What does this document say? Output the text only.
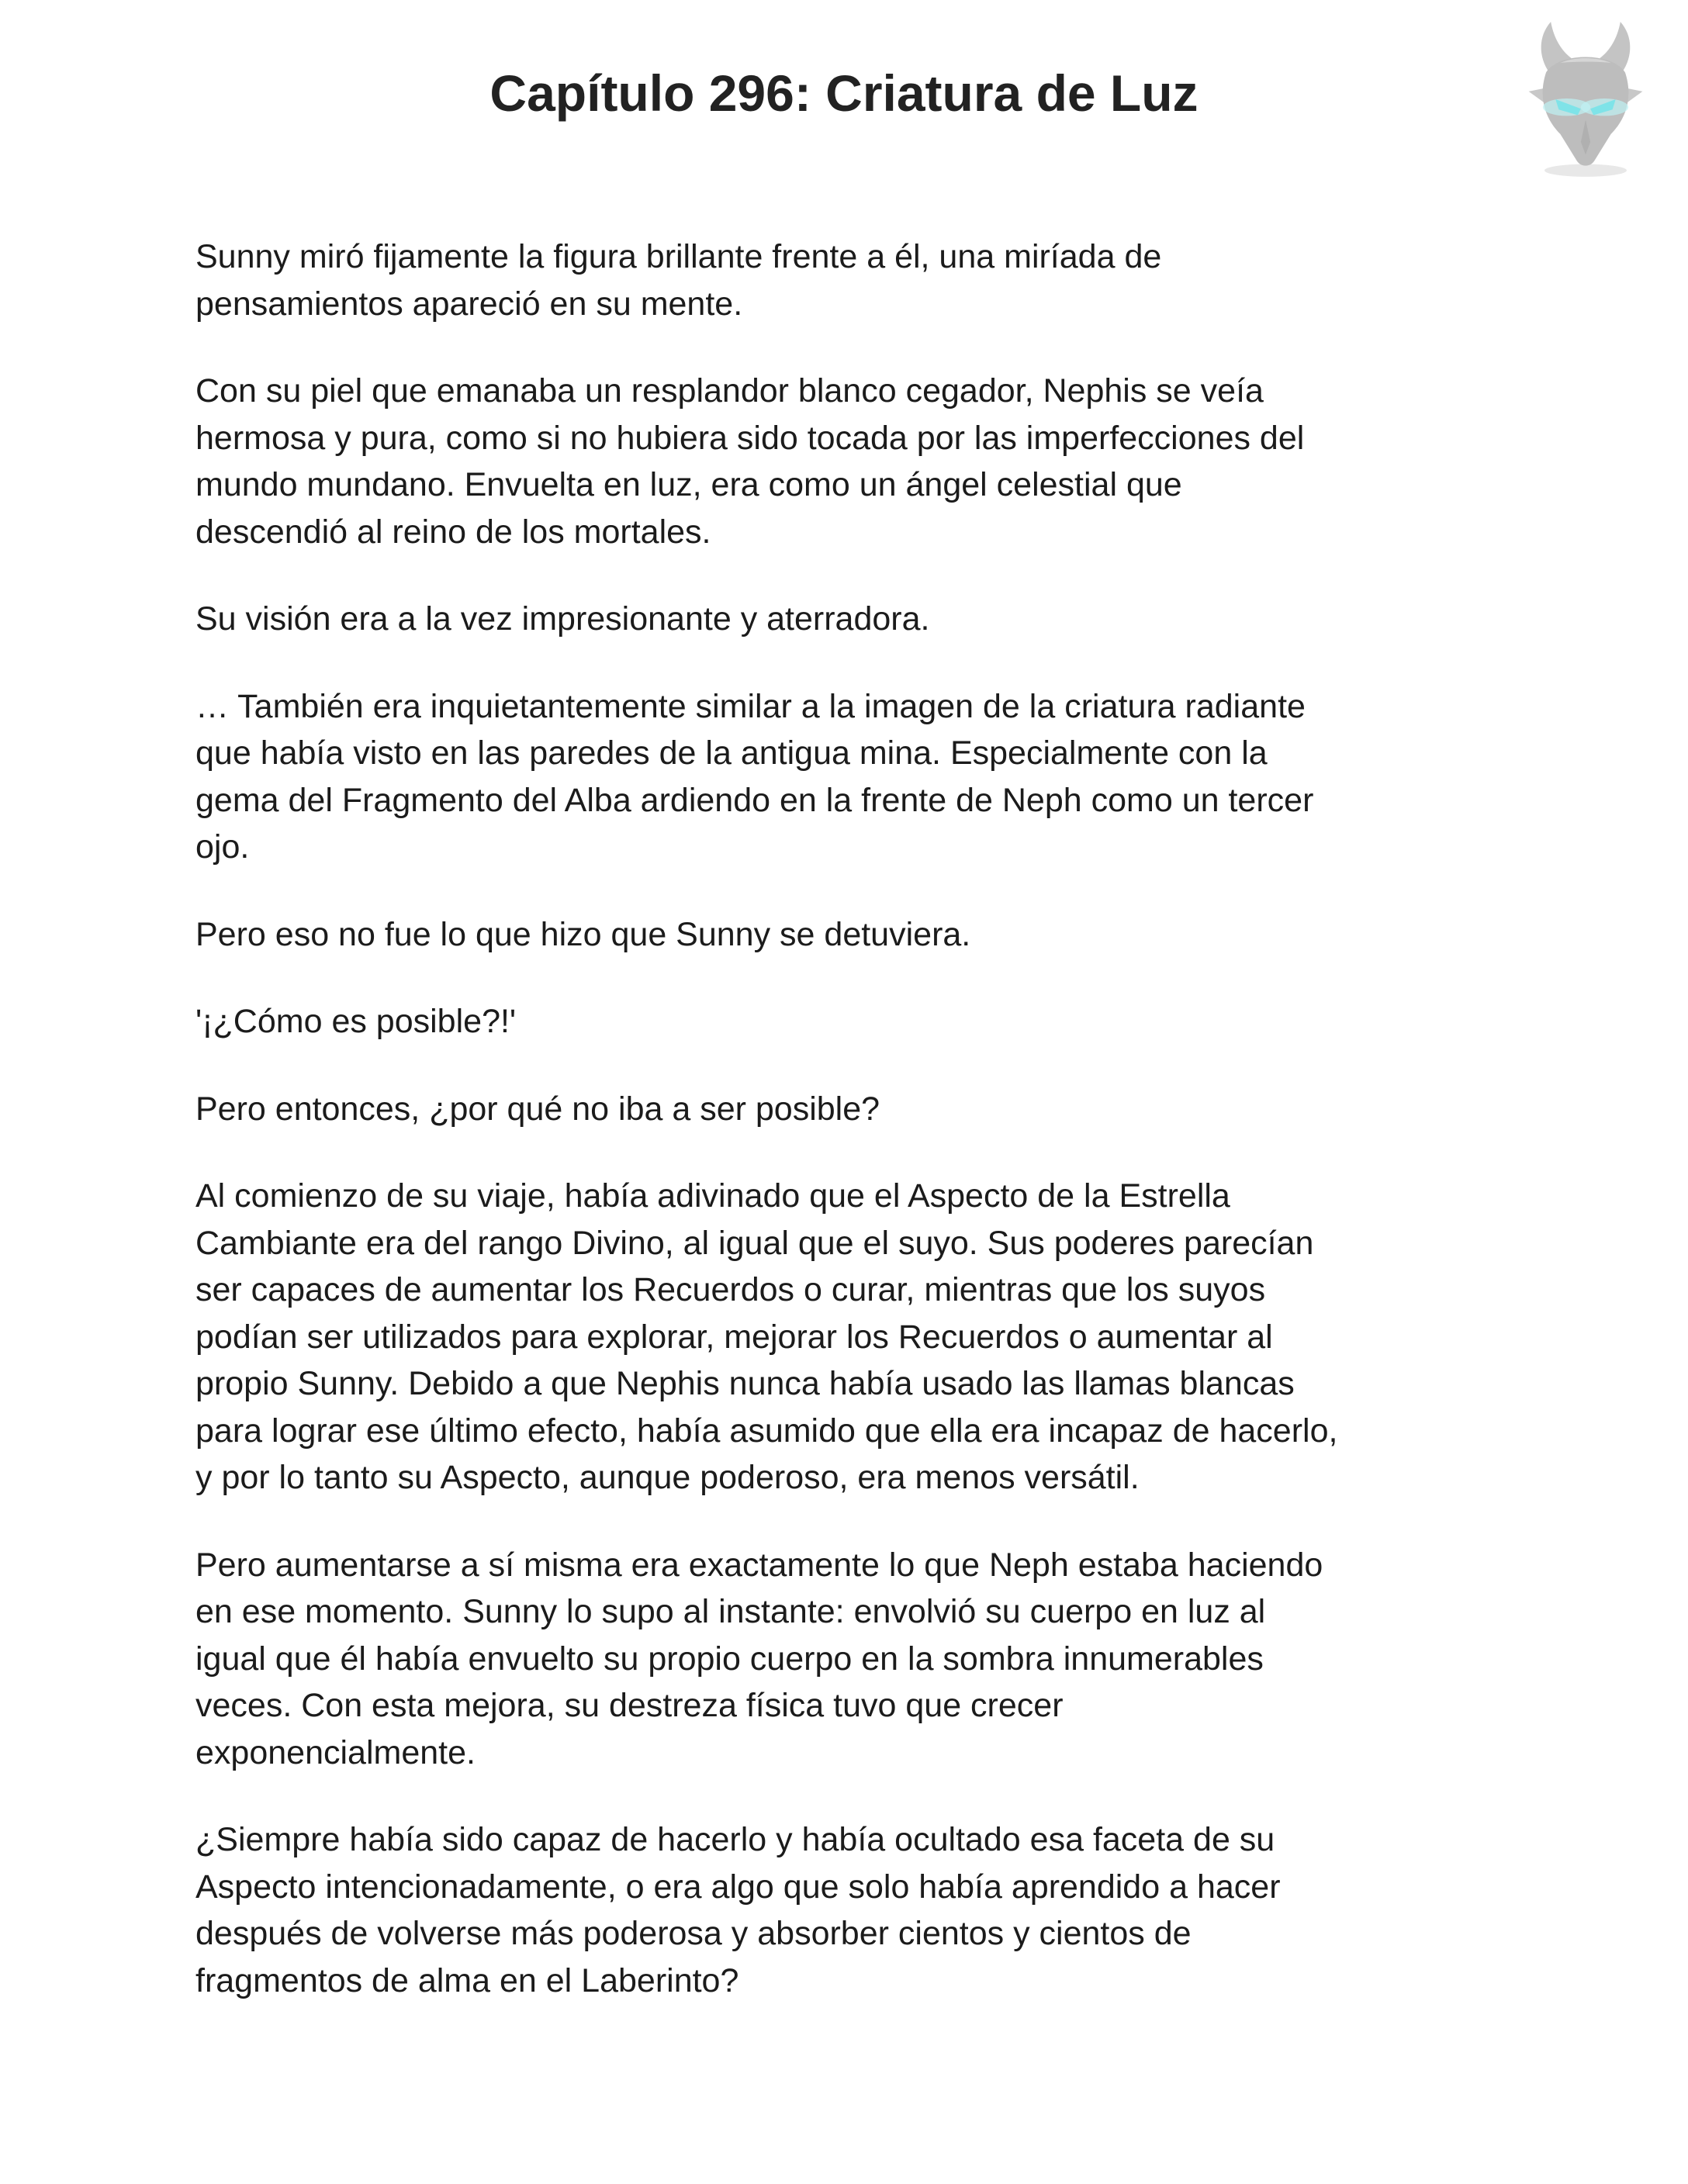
Capítulo 296: Criatura de Luz

Sunny miró fijamente la figura brillante frente a él, una miríada de
pensamientos apareció en su mente.

Con su piel que emanaba un resplandor blanco cegador, Nephis se veía
hermosa y pura, como si no hubiera sido tocada por las imperfecciones del
mundo mundano. Envuelta en luz, era como un ángel celestial que
descendió al reino de los mortales.

Su visión era a la vez impresionante y aterradora.

… También era inquietantemente similar a la imagen de la criatura radiante
que había visto en las paredes de la antigua mina. Especialmente con la
gema del Fragmento del Alba ardiendo en la frente de Neph como un tercer
ojo.

Pero eso no fue lo que hizo que Sunny se detuviera.

'¡¿Cómo es posible?!'

Pero entonces, ¿por qué no iba a ser posible?

Al comienzo de su viaje, había adivinado que el Aspecto de la Estrella
Cambiante era del rango Divino, al igual que el suyo. Sus poderes parecían
ser capaces de aumentar los Recuerdos o curar, mientras que los suyos
podían ser utilizados para explorar, mejorar los Recuerdos o aumentar al
propio Sunny. Debido a que Nephis nunca había usado las llamas blancas
para lograr ese último efecto, había asumido que ella era incapaz de hacerlo,
y por lo tanto su Aspecto, aunque poderoso, era menos versátil.

Pero aumentarse a sí misma era exactamente lo que Neph estaba haciendo
en ese momento. Sunny lo supo al instante: envolvió su cuerpo en luz al
igual que él había envuelto su propio cuerpo en la sombra innumerables
veces. Con esta mejora, su destreza física tuvo que crecer
exponencialmente.

¿Siempre había sido capaz de hacerlo y había ocultado esa faceta de su
Aspecto intencionadamente, o era algo que solo había aprendido a hacer
después de volverse más poderosa y absorber cientos y cientos de
fragmentos de alma en el Laberinto?
